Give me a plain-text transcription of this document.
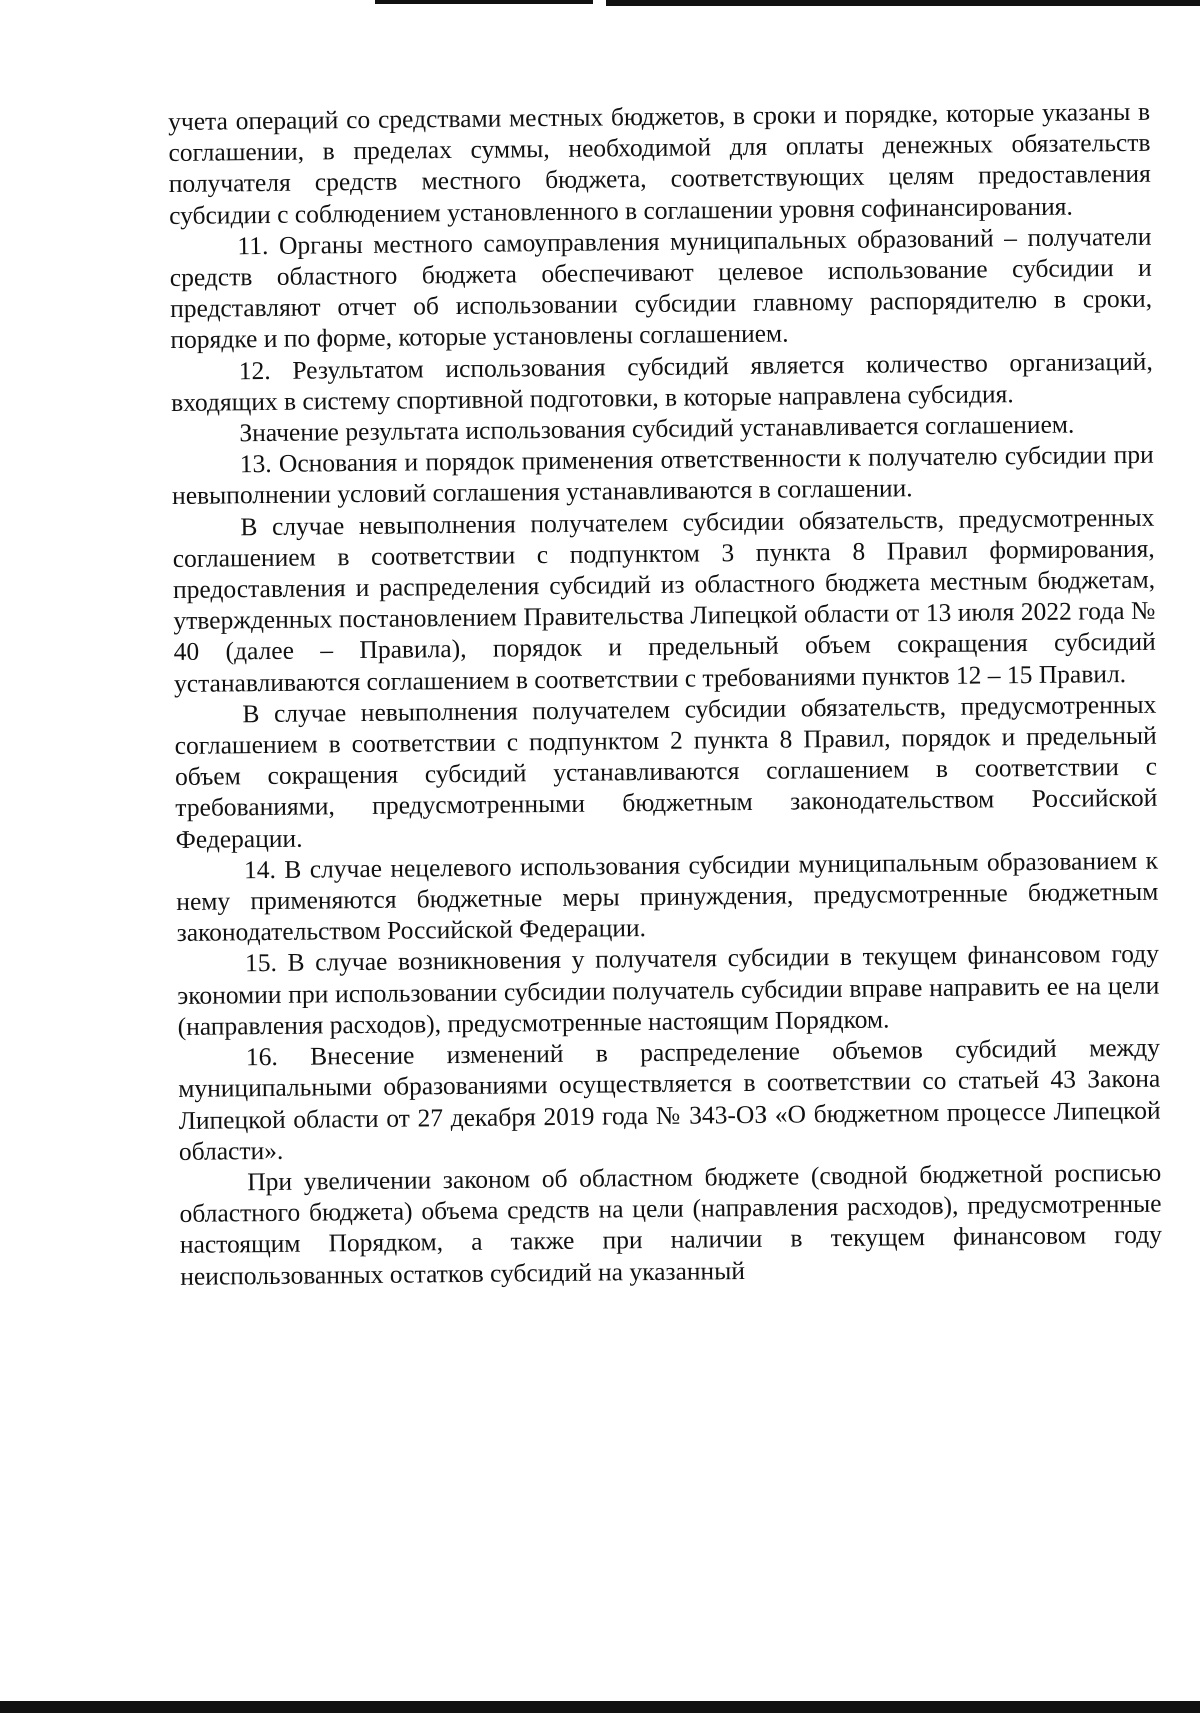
учета операций со средствами местных бюджетов, в сроки и порядке, которые указаны в соглашении, в пределах суммы, необходимой для оплаты денежных обязательств получателя средств местного бюджета, соответствующих целям предоставления субсидии с соблюдением установленного в соглашении уровня софинансирования.

11. Органы местного самоуправления муниципальных образований – получатели средств областного бюджета обеспечивают целевое использование субсидии и представляют отчет об использовании субсидии главному распорядителю в сроки, порядке и по форме, которые установлены соглашением.

12. Результатом использования субсидий является количество организаций, входящих в систему спортивной подготовки, в которые направлена субсидия.

Значение результата использования субсидий устанавливается соглашением.

13. Основания и порядок применения ответственности к получателю субсидии при невыполнении условий соглашения устанавливаются в соглашении.

В случае невыполнения получателем субсидии обязательств, предусмотренных соглашением в соответствии с подпунктом 3 пункта 8 Правил формирования, предоставления и распределения субсидий из областного бюджета местным бюджетам, утвержденных постановлением Правительства Липецкой области от 13 июля 2022 года № 40 (далее – Правила), порядок и предельный объем сокращения субсидий устанавливаются соглашением в соответствии с требованиями пунктов 12 – 15 Правил.

В случае невыполнения получателем субсидии обязательств, предусмотренных соглашением в соответствии с подпунктом 2 пункта 8 Правил, порядок и предельный объем сокращения субсидий устанавливаются соглашением в соответствии с требованиями, предусмотренными бюджетным законодательством Российской Федерации.

14. В случае нецелевого использования субсидии муниципальным образованием к нему применяются бюджетные меры принуждения, предусмотренные бюджетным законодательством Российской Федерации.

15. В случае возникновения у получателя субсидии в текущем финансовом году экономии при использовании субсидии получатель субсидии вправе направить ее на цели (направления расходов), предусмотренные настоящим Порядком.

16. Внесение изменений в распределение объемов субсидий между муниципальными образованиями осуществляется в соответствии со статьей 43 Закона Липецкой области от 27 декабря 2019 года № 343-ОЗ «О бюджетном процессе Липецкой области».

При увеличении законом об областном бюджете (сводной бюджетной росписью областного бюджета) объема средств на цели (направления расходов), предусмотренные настоящим Порядком, а также при наличии в текущем финансовом году неиспользованных остатков субсидий на указанный
